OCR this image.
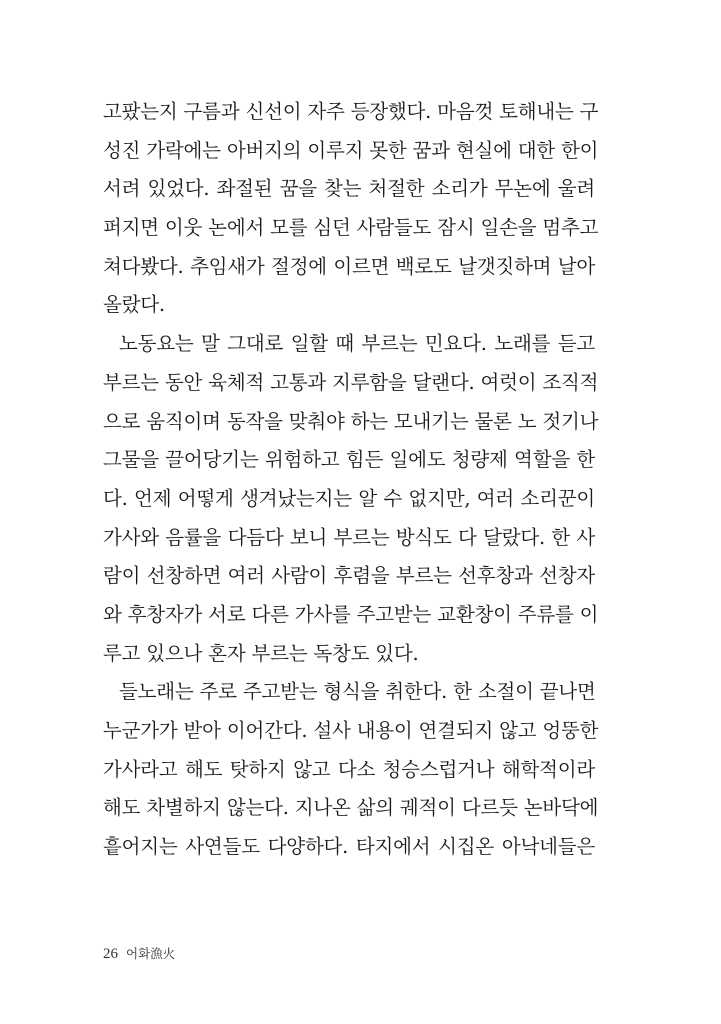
고팠는지 구름과 신선이 자주 등장했다. 마음껏 토해내는 구
성진 가락에는 아버지의 이루지 못한 꿈과 현실에 대한 한이
서려 있었다. 좌절된 꿈을 찾는 처절한 소리가 무논에 울려
퍼지면 이웃 논에서 모를 심던 사람들도 잠시 일손을 멈추고
쳐다봤다. 추임새가 절정에 이르면 백로도 날갯짓하며 날아
올랐다.
노동요는 말 그대로 일할 때 부르는 민요다. 노래를 듣고
부르는 동안 육체적 고통과 지루함을 달랜다. 여럿이 조직적
으로 움직이며 동작을 맞춰야 하는 모내기는 물론 노 젓기나
그물을 끌어당기는 위험하고 힘든 일에도 청량제 역할을 한
다. 언제 어떻게 생겨났는지는 알 수 없지만, 여러 소리꾼이
가사와 음률을 다듬다 보니 부르는 방식도 다 달랐다. 한 사
람이 선창하면 여러 사람이 후렴을 부르는 선후창과 선창자
와 후창자가 서로 다른 가사를 주고받는 교환창이 주류를 이
루고 있으나 혼자 부르는 독창도 있다.
들노래는 주로 주고받는 형식을 취한다. 한 소절이 끝나면
누군가가 받아 이어간다. 설사 내용이 연결되지 않고 엉뚱한
가사라고 해도 탓하지 않고 다소 청승스럽거나 해학적이라
해도 차별하지 않는다. 지나온 삶의 궤적이 다르듯 논바닥에
흩어지는 사연들도 다양하다. 타지에서 시집온 아낙네들은
26 어화漁火
